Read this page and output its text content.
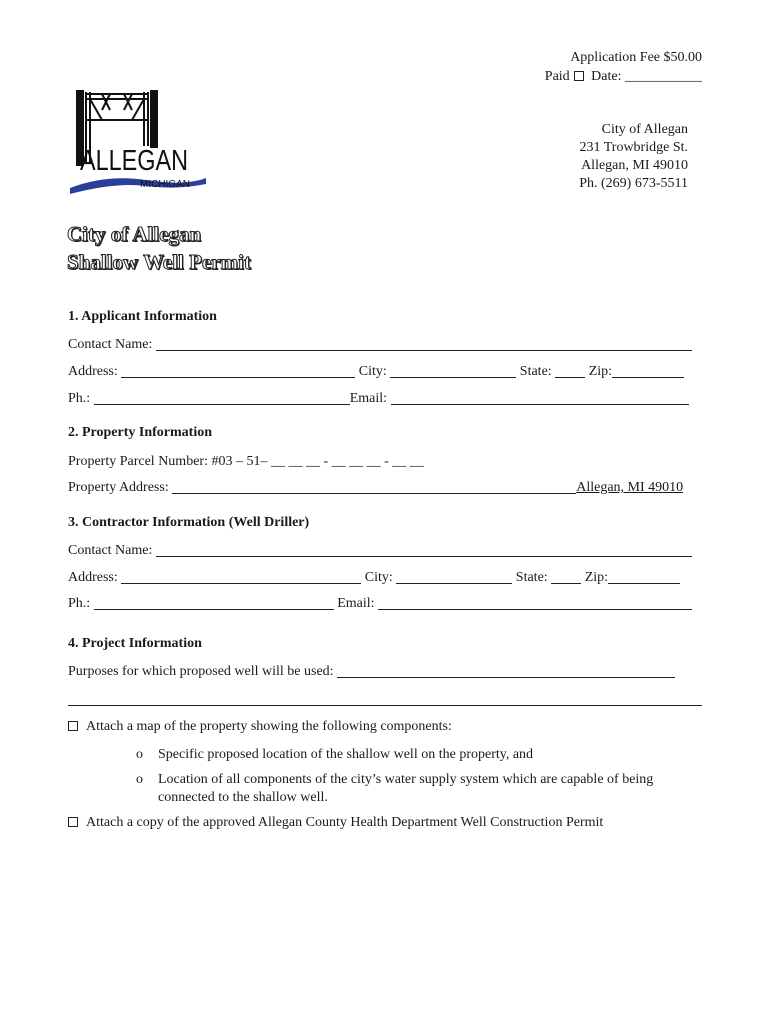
Application Fee $50.00
Paid Date: ___________
ALLEGAN
MICHIGAN
City of Allegan
231 Trowbridge St.
Allegan, MI 49010
Ph. (269) 673-5511
City of Allegan
Shallow Well Permit
1. Applicant Information
Contact Name:
Address:	City:	State:	Zip:
Ph.:	Email:
2. Property Information
Property Parcel Number: #03 – 51– __ __ __ - __ __ __ - __ __
Property Address:	Allegan, MI 49010
3. Contractor Information (Well Driller)
Contact Name:
Address:	City:	State:	Zip:
Ph.:	Email:
4. Project Information
Purposes for which proposed well will be used:
Attach a map of the property showing the following components:
o Specific proposed location of the shallow well on the property, and
o Location of all components of the city’s water supply system which are capable of being
connected to the shallow well.
Attach a copy of the approved Allegan County Health Department Well Construction Permit
